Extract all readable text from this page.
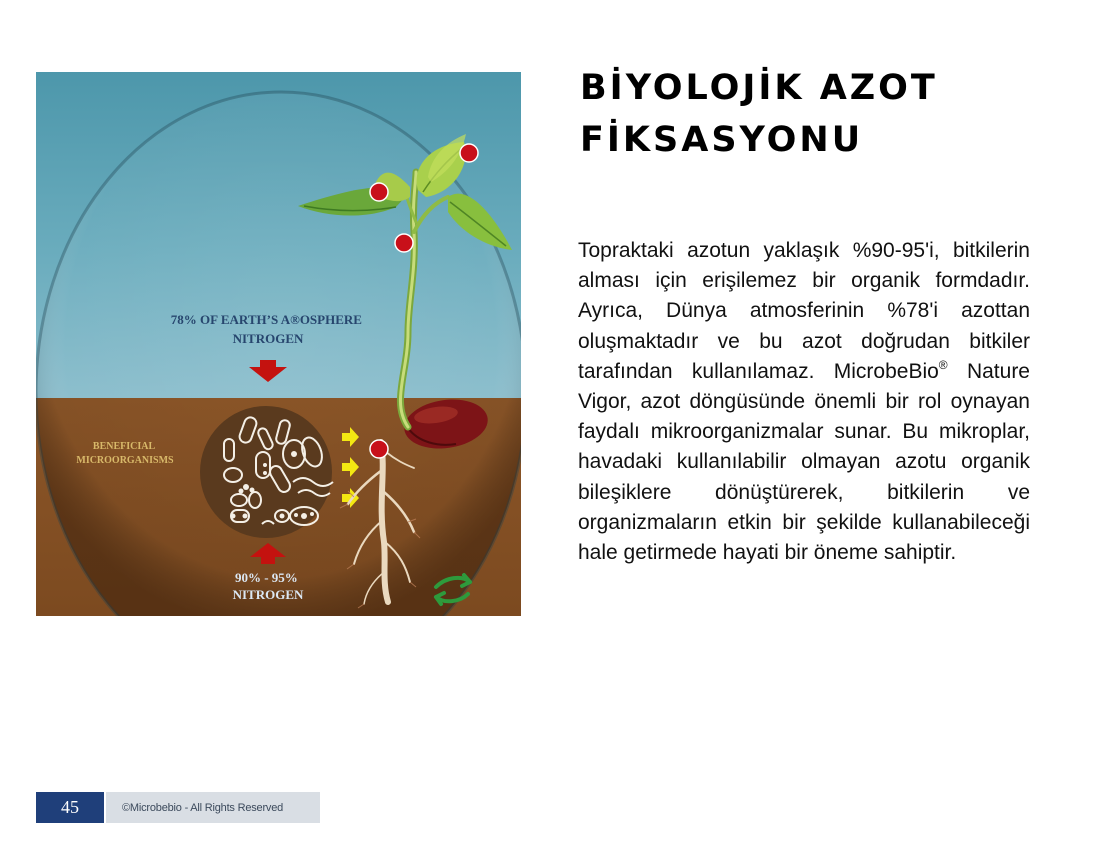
78% OF EARTH’S A®OSPHERE NITROGEN
BENEFICIAL MICROORGANISMS
90% - 95% NITROGEN
BİYOLOJİK AZOT
FİKSASYONU

Topraktaki azotun yaklaşık %90-95'i, bitkilerin alması için erişilemez bir organik formdadır. Ayrıca, Dünya atmosferinin %78'i azottan oluşmaktadır ve bu azot doğrudan bitkiler tarafından kullanılamaz. MicrobeBio® Nature Vigor, azot döngüsünde önemli bir rol oynayan faydalı mikroorganizmalar sunar. Bu mikroplar, havadaki kullanılabilir olmayan azotu organik bileşiklere dönüştürerek, bitkilerin ve organizmaların etkin bir şekilde kullanabileceği hale getirmede hayati bir öneme sahiptir.

45	©Microbebio - All Rights Reserved
